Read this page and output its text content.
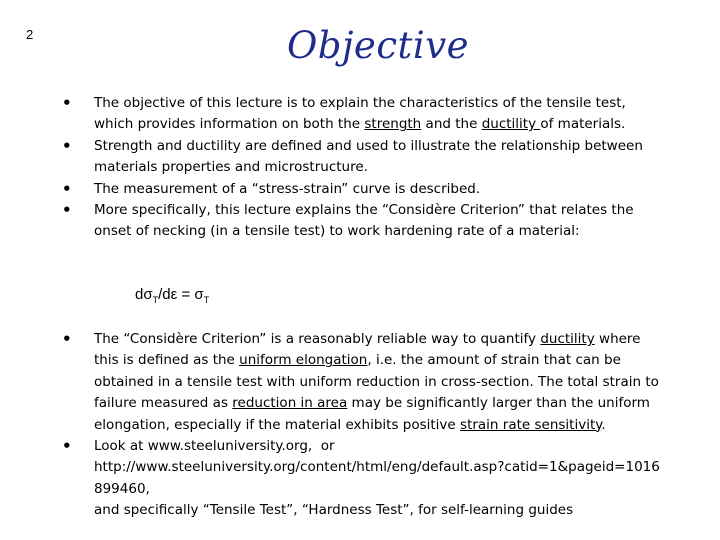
2	Objective
• The objective of this lecture is to explain the characteristics of the tensile test, which provides information on both the strength and the ductility of materials.
• Strength and ductility are defined and used to illustrate the relationship between materials properties and microstructure.
• The measurement of a “stress-strain” curve is described.
• More specifically, this lecture explains the “Considère Criterion” that relates the onset of necking (in a tensile test) to work hardening rate of a material:
$d\sigma_T/d\varepsilon = \sigma_T$
• The “Considère Criterion” is a reasonably reliable way to quantify ductility where this is defined as the uniform elongation, i.e. the amount of strain that can be obtained in a tensile test with uniform reduction in cross-section. The total strain to failure measured as reduction in area may be significantly larger than the uniform elongation, especially if the material exhibits positive strain rate sensitivity.
• Look at www.steeluniversity.org,  or
http://www.steeluniversity.org/content/html/eng/default.asp?catid=1&pageid=1016899460,
and specifically “Tensile Test”, “Hardness Test”, for self-learning guides
